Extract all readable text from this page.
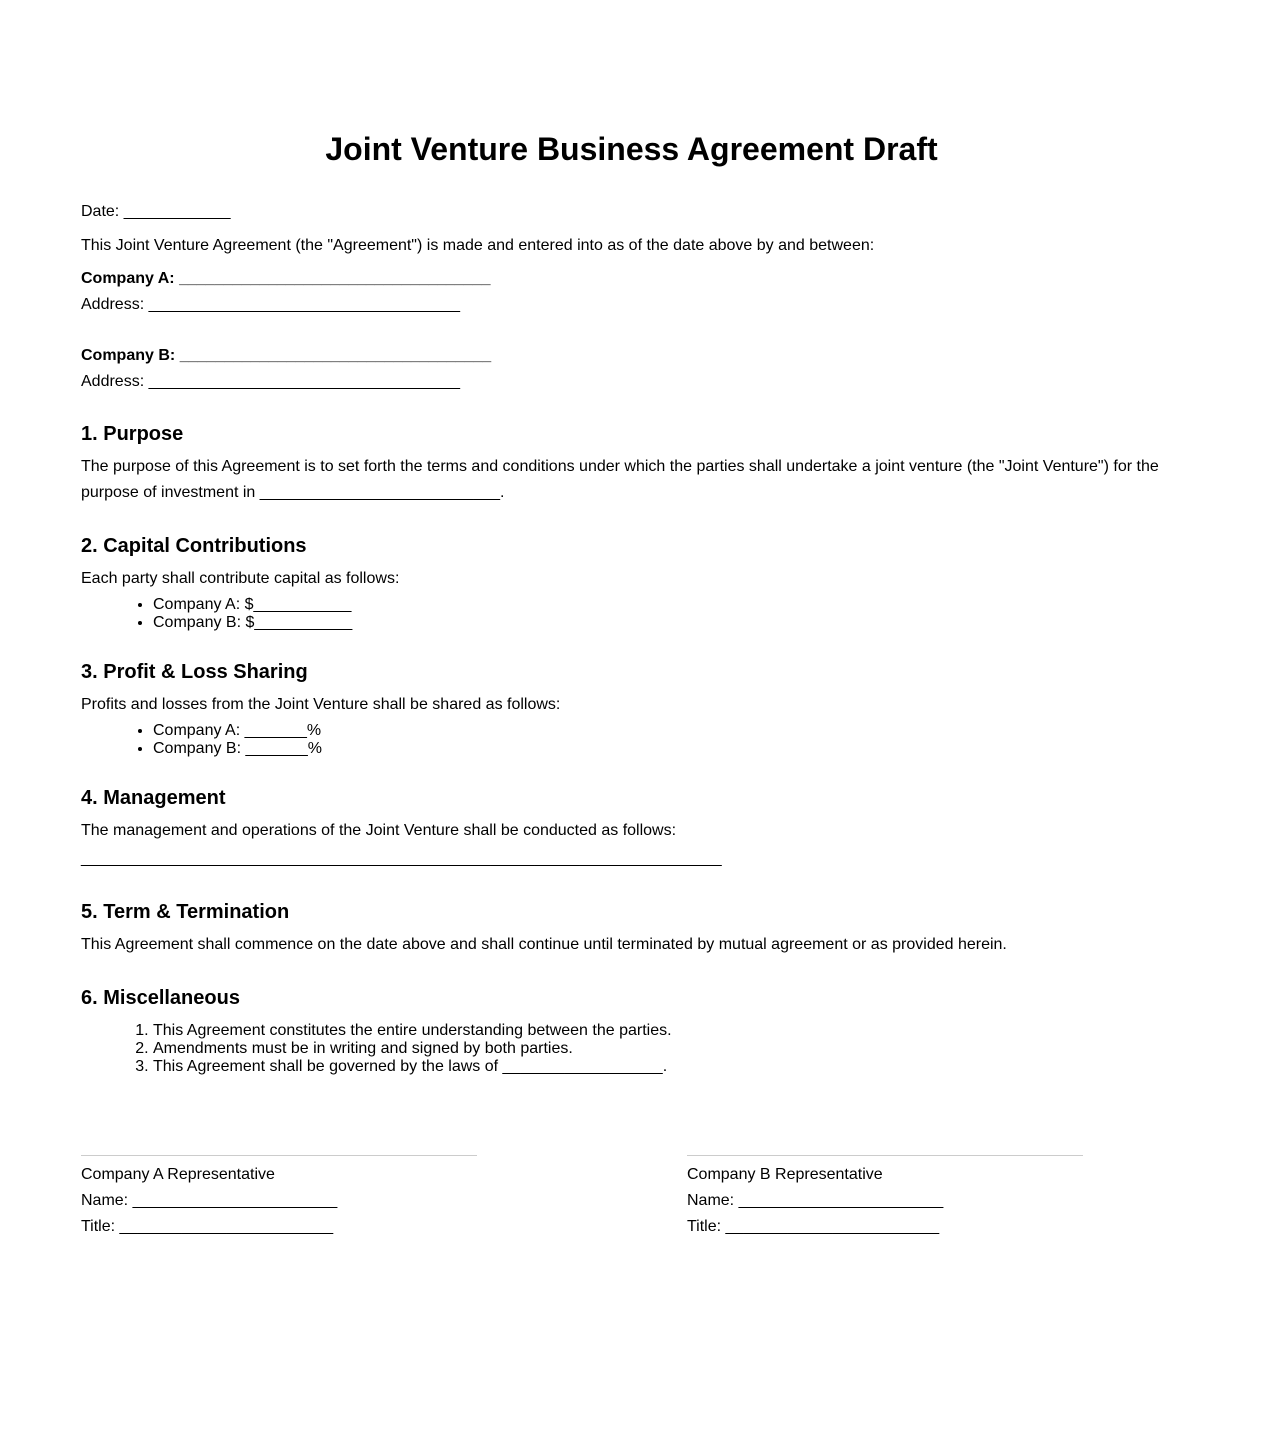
Joint Venture Business Agreement Draft

Date: ____________

This Joint Venture Agreement (the "Agreement") is made and entered into as of the date above by and between:

Company A: ___________________________________
Address: ___________________________________
Company B: ___________________________________
Address: ___________________________________
1. Purpose

The purpose of this Agreement is to set forth the terms and conditions under which the parties shall undertake a joint venture (the "Joint Venture") for the purpose of investment in ___________________________.

2. Capital Contributions

Each party shall contribute capital as follows:

• Company A: $___________
• Company B: $___________
3. Profit & Loss Sharing

Profits and losses from the Joint Venture shall be shared as follows:

• Company A: _______%
• Company B: _______%
4. Management

The management and operations of the Joint Venture shall be conducted as follows:

________________________________________________________________________

5. Term & Termination

This Agreement shall commence on the date above and shall continue until terminated by mutual agreement or as provided herein.

6. Miscellaneous
1. This Agreement constitutes the entire understanding between the parties.
2. Amendments must be in writing and signed by both parties.
3. This Agreement shall be governed by the laws of __________________.
Company A Representative
Name: _______________________
Title: ________________________
Company B Representative
Name: _______________________
Title: ________________________
